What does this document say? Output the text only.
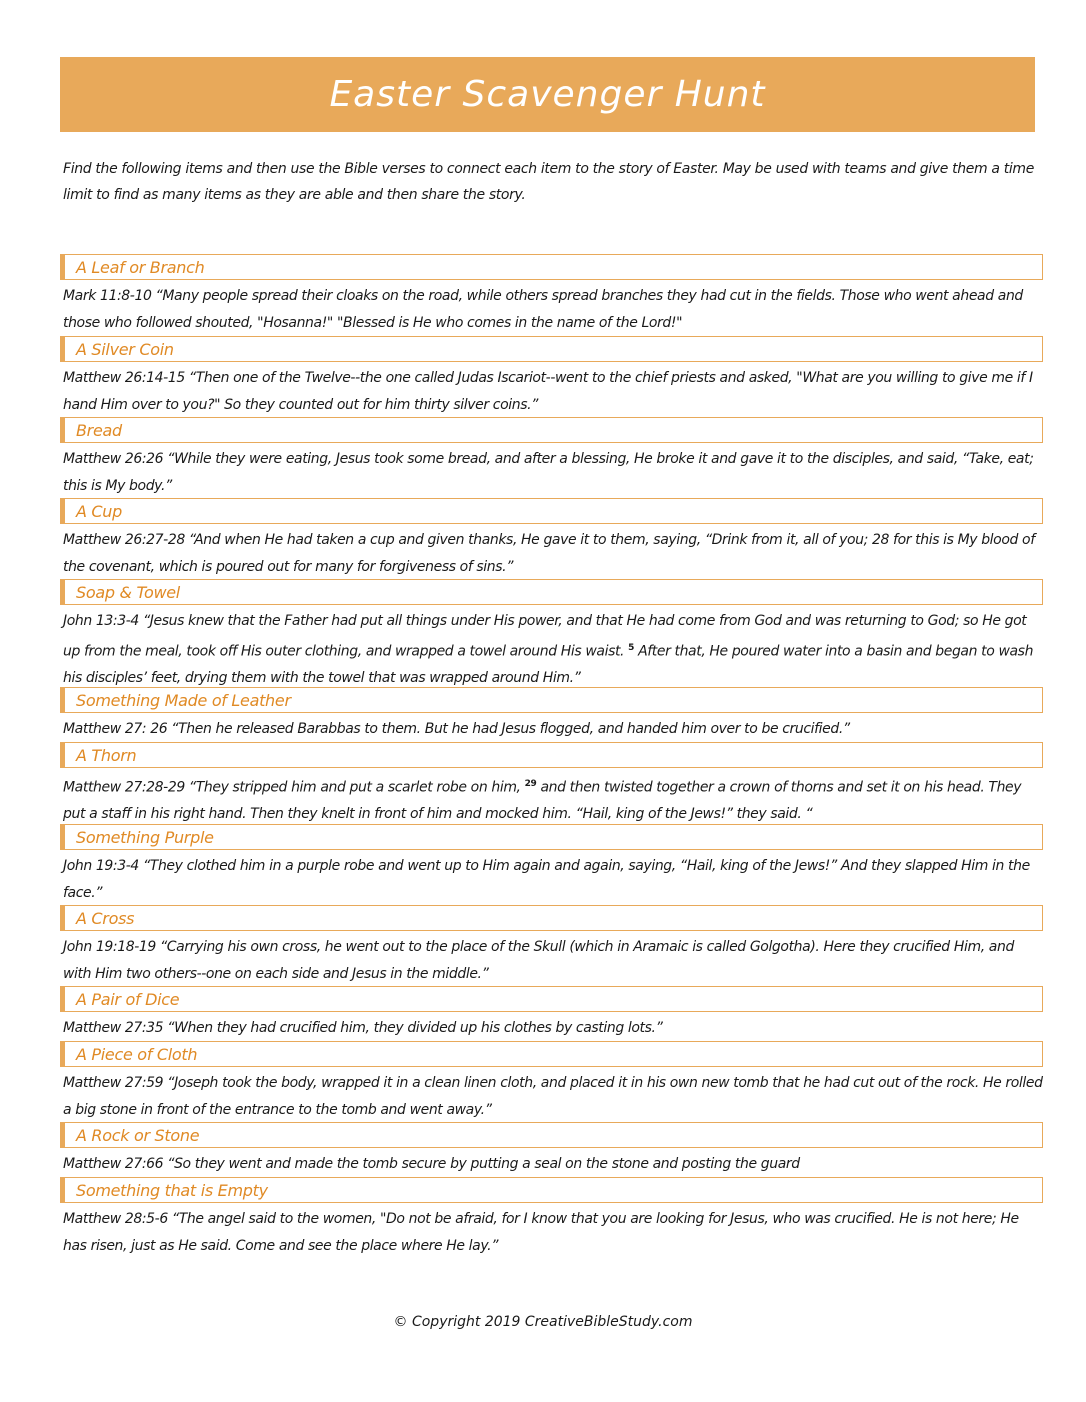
Easter Scavenger Hunt

Find the following items and then use the Bible verses to connect each item to the story of Easter. May be used with teams and give them a time limit to find as many items as they are able and then share the story.

A Leaf or Branch
Mark 11:8-10 “Many people spread their cloaks on the road, while others spread branches they had cut in the fields. Those who went ahead and those who followed shouted, "Hosanna!" "Blessed is He who comes in the name of the Lord!"
A Silver Coin
Matthew 26:14-15 “Then one of the Twelve--the one called Judas Iscariot--went to the chief priests and asked, "What are you willing to give me if I hand Him over to you?" So they counted out for him thirty silver coins.”
Bread
Matthew 26:26 “While they were eating, Jesus took some bread, and after a blessing, He broke it and gave it to the disciples, and said, “Take, eat; this is My body.”
A Cup
Matthew 26:27-28 “And when He had taken a cup and given thanks, He gave it to them, saying, “Drink from it, all of you; 28 for this is My blood of the covenant, which is poured out for many for forgiveness of sins.”
Soap & Towel
John 13:3-4 “Jesus knew that the Father had put all things under His power, and that He had come from God and was returning to God; so He got up from the meal, took off His outer clothing, and wrapped a towel around His waist. $^5$ After that, He poured water into a basin and began to wash his disciples’ feet, drying them with the towel that was wrapped around Him.”
Something Made of Leather
Matthew 27: 26 “Then he released Barabbas to them. But he had Jesus flogged, and handed him over to be crucified.”
A Thorn
Matthew 27:28-29 “They stripped him and put a scarlet robe on him, $^{29}$ and then twisted together a crown of thorns and set it on his head. They put a staff in his right hand. Then they knelt in front of him and mocked him. “Hail, king of the Jews!” they said. “
Something Purple
John 19:3-4 “They clothed him in a purple robe and went up to Him again and again, saying, “Hail, king of the Jews!” And they slapped Him in the face.”
A Cross
John 19:18-19 “Carrying his own cross, he went out to the place of the Skull (which in Aramaic is called Golgotha). Here they crucified Him, and with Him two others--one on each side and Jesus in the middle.”
A Pair of Dice
Matthew 27:35 “When they had crucified him, they divided up his clothes by casting lots.”
A Piece of Cloth
Matthew 27:59 “Joseph took the body, wrapped it in a clean linen cloth, and placed it in his own new tomb that he had cut out of the rock. He rolled a big stone in front of the entrance to the tomb and went away.”
A Rock or Stone
Matthew 27:66 “So they went and made the tomb secure by putting a seal on the stone and posting the guard
Something that is Empty
Matthew 28:5-6 “The angel said to the women, "Do not be afraid, for I know that you are looking for Jesus, who was crucified. He is not here; He has risen, just as He said. Come and see the place where He lay.”
© Copyright 2019 CreativeBibleStudy.com
